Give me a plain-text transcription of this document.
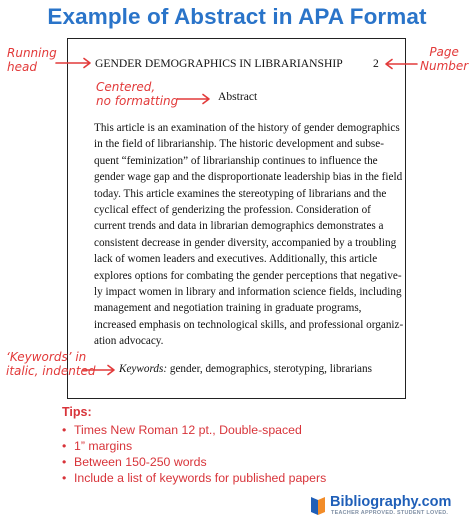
Example of Abstract in APA Format
GENDER DEMOGRAPHICS IN LIBRARIANSHIP	2
Abstract
This article is an examination of the history of gender demographics
in the field of librarianship. The historic development and subse-
quent “feminization” of librarianship continues to influence the
gender wage gap and the disproportionate leadership bias in the field
today. This article examines the stereotyping of librarians and the
cyclical effect of genderizing the profession. Consideration of
current trends and data in librarian demographics demonstrates a
consistent decrease in gender diversity, accompanied by a troubling
lack of women leaders and executives. Additionally, this article
explores options for combating the gender perceptions that negative-
ly impact women in library and information science fields, including
management and negotiation training in graduate programs,
increased emphasis on technological skills, and professional organiz-
ation advocacy.
Keywords: gender, demographics, sterotyping, librarians
Running
head
Page
Number
Centered,
no formatting
‘Keywords’ in
italic, indented
Tips:
• Times New Roman 12 pt., Double-spaced
• 1” margins
• Between 150-250 words
• Include a list of keywords for published papers
Bibliography.com
TEACHER APPROVED. STUDENT LOVED.
